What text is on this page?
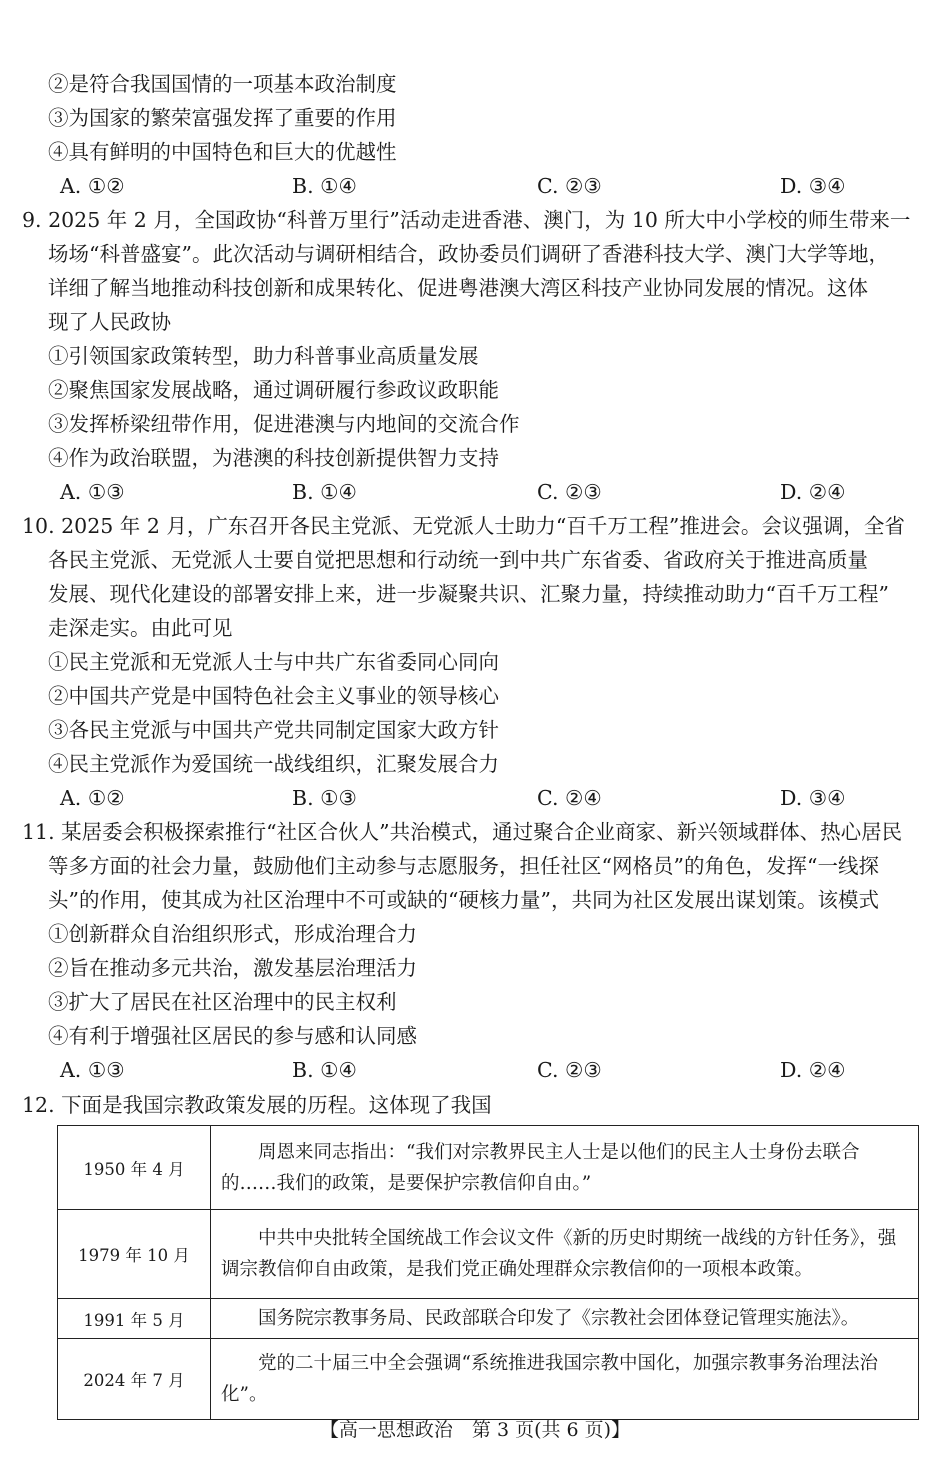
②是符合我国国情的一项基本政治制度
③为国家的繁荣富强发挥了重要的作用
④具有鲜明的中国特色和巨大的优越性
A. ①②	B. ①④	C. ②③	D. ③④
9. 2025 年 2 月，全国政协“科普万里行”活动走进香港、澳门，为 10 所大中小学校的师生带来一
场场“科普盛宴”。此次活动与调研相结合，政协委员们调研了香港科技大学、澳门大学等地，
详细了解当地推动科技创新和成果转化、促进粤港澳大湾区科技产业协同发展的情况。这体
现了人民政协
①引领国家政策转型，助力科普事业高质量发展
②聚焦国家发展战略，通过调研履行参政议政职能
③发挥桥梁纽带作用，促进港澳与内地间的交流合作
④作为政治联盟，为港澳的科技创新提供智力支持
A. ①③	B. ①④	C. ②③	D. ②④
10. 2025 年 2 月，广东召开各民主党派、无党派人士助力“百千万工程”推进会。会议强调，全省
各民主党派、无党派人士要自觉把思想和行动统一到中共广东省委、省政府关于推进高质量
发展、现代化建设的部署安排上来，进一步凝聚共识、汇聚力量，持续推动助力“百千万工程”
走深走实。由此可见
①民主党派和无党派人士与中共广东省委同心同向
②中国共产党是中国特色社会主义事业的领导核心
③各民主党派与中国共产党共同制定国家大政方针
④民主党派作为爱国统一战线组织，汇聚发展合力
A. ①②	B. ①③	C. ②④	D. ③④
11. 某居委会积极探索推行“社区合伙人”共治模式，通过聚合企业商家、新兴领域群体、热心居民
等多方面的社会力量，鼓励他们主动参与志愿服务，担任社区“网格员”的角色，发挥“一线探
头”的作用，使其成为社区治理中不可或缺的“硬核力量”，共同为社区发展出谋划策。该模式
①创新群众自治组织形式，形成治理合力
②旨在推动多元共治，激发基层治理活力
③扩大了居民在社区治理中的民主权利
④有利于增强社区居民的参与感和认同感
A. ①③	B. ①④	C. ②③	D. ②④
12. 下面是我国宗教政策发展的历程。这体现了我国
1950 年 4 月	周恩来同志指出：“我们对宗教界民主人士是以他们的民主人士身份去联合的……我们的政策，是要保护宗教信仰自由。”
1979 年 10 月	中共中央批转全国统战工作会议文件《新的历史时期统一战线的方针任务》，强调宗教信仰自由政策，是我们党正确处理群众宗教信仰的一项根本政策。
1991 年 5 月	国务院宗教事务局、民政部联合印发了《宗教社会团体登记管理实施法》。
2024 年 7 月	党的二十届三中全会强调“系统推进我国宗教中国化，加强宗教事务治理法治化”。
【高一思想政治　第 3 页(共 6 页)】
